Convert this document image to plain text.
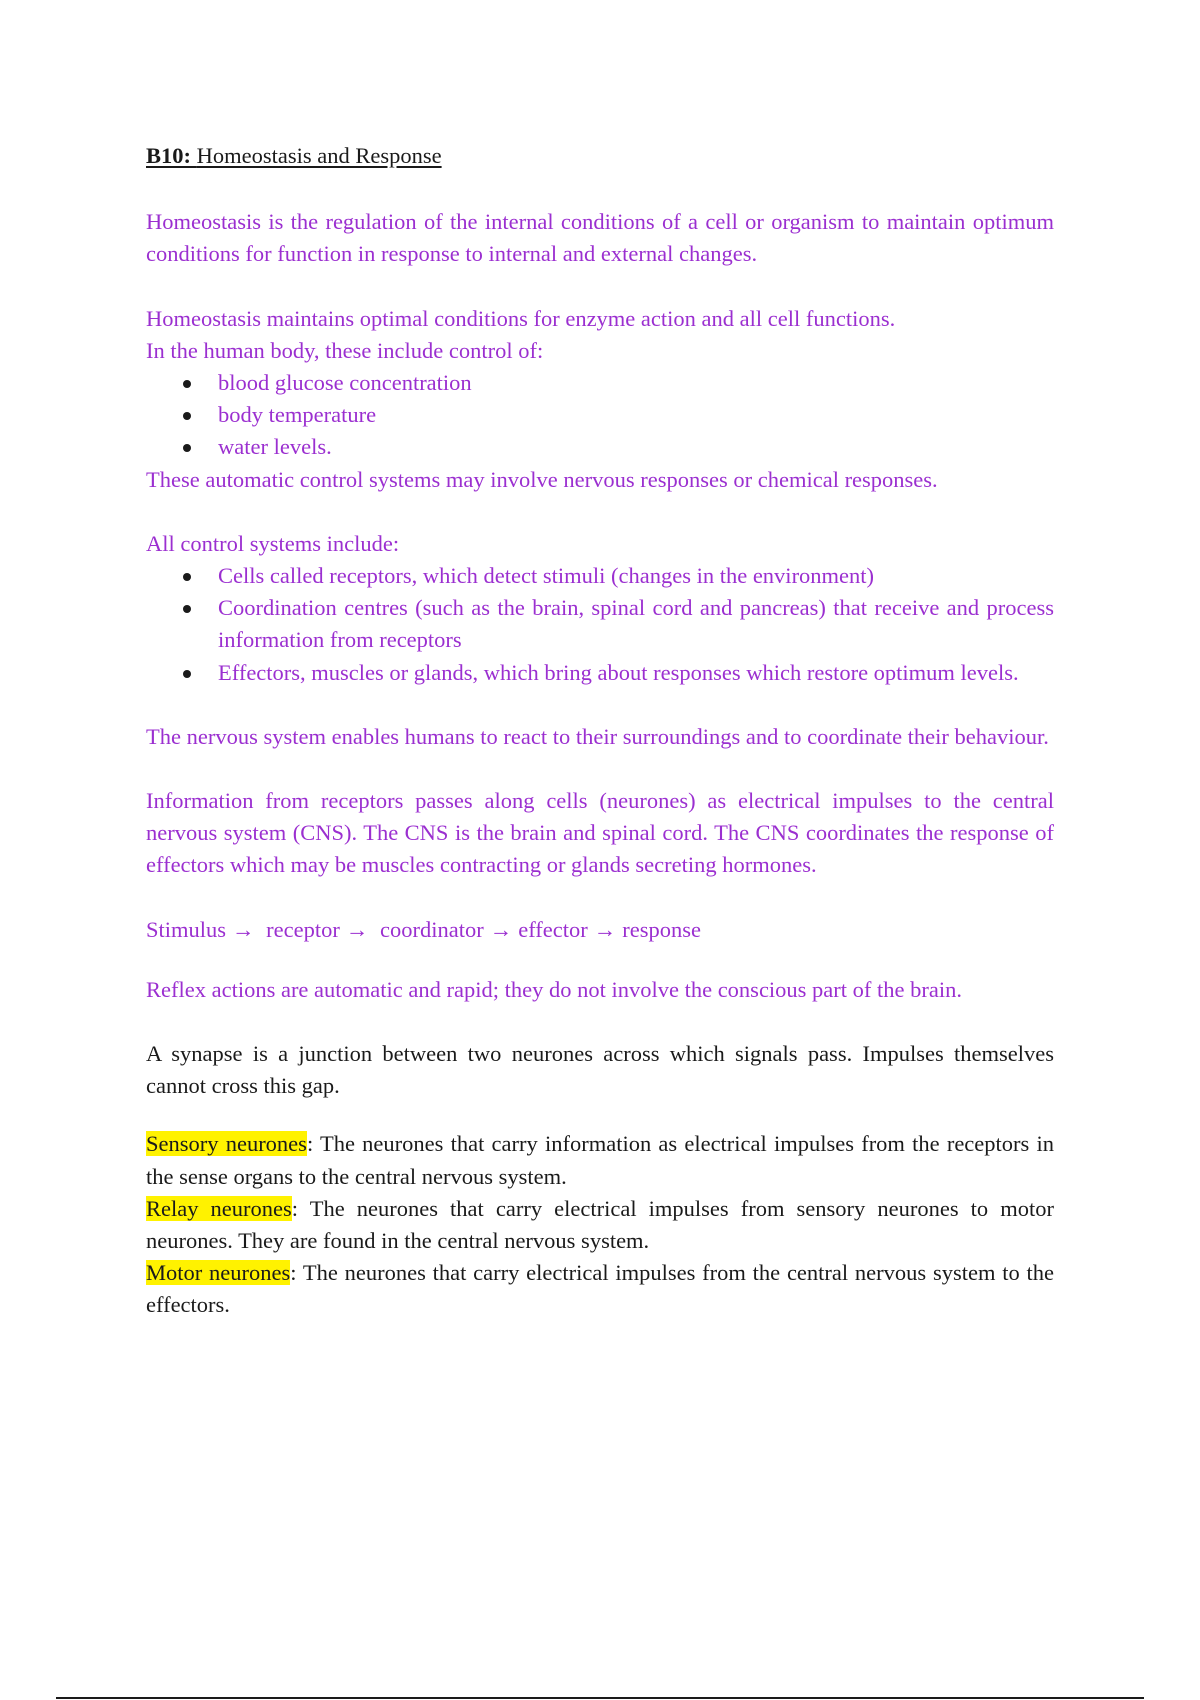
B10: Homeostasis and Response

Homeostasis is the regulation of the internal conditions of a cell or organism to maintain optimum conditions for function in response to internal and external changes.

Homeostasis maintains optimal conditions for enzyme action and all cell functions.
In the human body, these include control of:
blood glucose concentration
body temperature
water levels.
These automatic control systems may involve nervous responses or chemical responses.
All control systems include:
Cells called receptors, which detect stimuli (changes in the environment)
Coordination centres (such as the brain, spinal cord and pancreas) that receive and process information from receptors
Effectors, muscles or glands, which bring about responses which restore optimum levels.

The nervous system enables humans to react to their surroundings and to coordinate their behaviour.

Information from receptors passes along cells (neurones) as electrical impulses to the central nervous system (CNS). The CNS is the brain and spinal cord. The CNS coordinates the response of effectors which may be muscles contracting or glands secreting hormones.

Stimulus → receptor → coordinator → effector → response

Reflex actions are automatic and rapid; they do not involve the conscious part of the brain.

A synapse is a junction between two neurones across which signals pass. Impulses themselves cannot cross this gap.

Sensory neurones: The neurones that carry information as electrical impulses from the receptors in the sense organs to the central nervous system.
Relay neurones: The neurones that carry electrical impulses from sensory neurones to motor neurones. They are found in the central nervous system.
Motor neurones: The neurones that carry electrical impulses from the central nervous system to the effectors.
